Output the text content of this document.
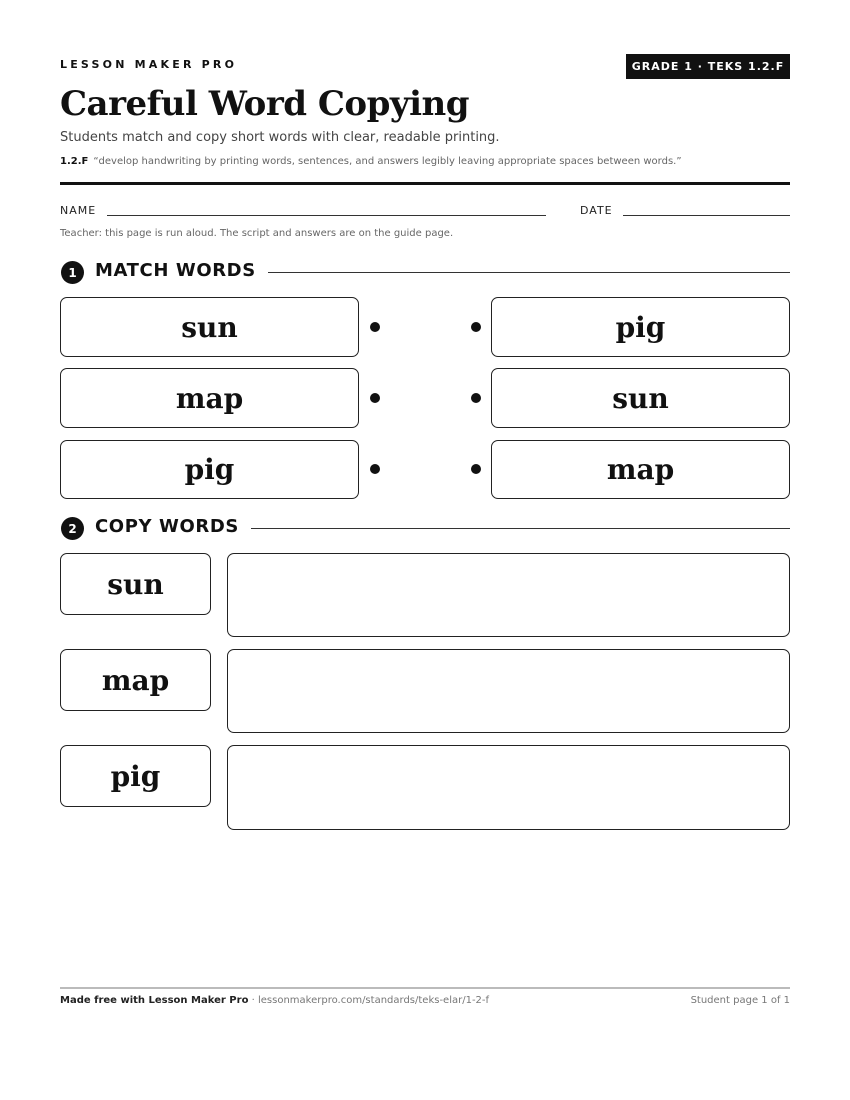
LESSON MAKER PRO	GRADE 1 · TEKS 1.2.F
Careful Word Copying
Students match and copy short words with clear, readable printing.
1.2.F “develop handwriting by printing words, sentences, and answers legibly leaving appropriate spaces between words.”
NAME	DATE
Teacher: this page is run aloud. The script and answers are on the guide page.
1	MATCH WORDS
sun
map
pig
pig
sun
map
2	COPY WORDS
sun
map
pig
Made free with Lesson Maker Pro · lessonmakerpro.com/standards/teks-elar/1-2-f	Student page 1 of 1
